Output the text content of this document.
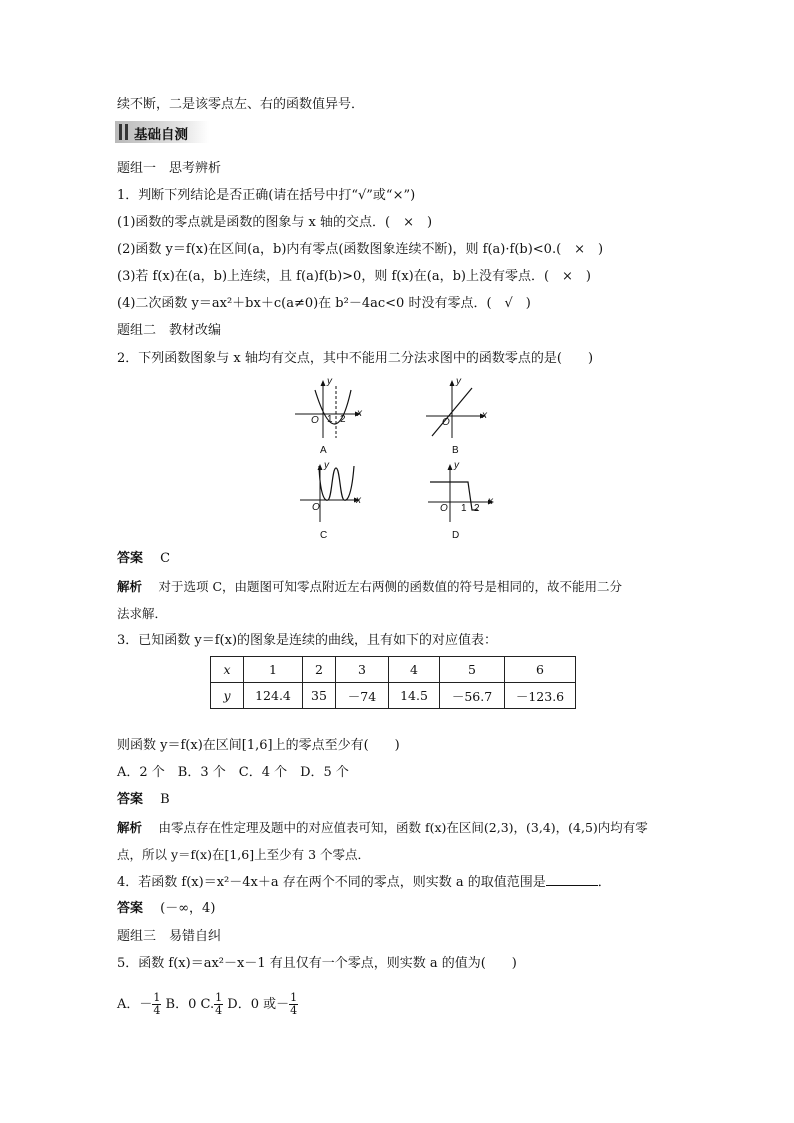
续不断，二是该零点左、右的函数值异号．
基础自测
题组一　思考辨析
1．判断下列结论是否正确(请在括号中打“√”或“×”)
(1)函数的零点就是函数的图象与 x 轴的交点．(　×　)
(2)函数 y＝f(x)在区间(a，b)内有零点(函数图象连续不断)，则 f(a)·f(b)<0.(　×　)
(3)若 f(x)在(a，b)上连续，且 f(a)f(b)>0，则 f(x)在(a，b)上没有零点．(　×　)
(4)二次函数 y＝ax²＋bx＋c(a≠0)在 b²－4ac<0 时没有零点．(　√　)
题组二　教材改编
2．下列函数图象与 x 轴均有交点，其中不能用二分法求图中的函数零点的是(　　)
y
x
O 1 2
A
y
x
O
B
y
x
O
C
y
x
O 1 2
D
答案　 C
解析　 对于选项 C，由题图可知零点附近左右两侧的函数值的符号是相同的，故不能用二分
法求解．
3．已知函数 y＝f(x)的图象是连续的曲线，且有如下的对应值表：
x	1	2	3	4	5	6
y	124.4	35	－74	14.5	－56.7	－123.6
则函数 y＝f(x)在区间[1,6]上的零点至少有(　　)
A．2 个　B．3 个　C．4 个　D．5 个
答案　 B
解析　 由零点存在性定理及题中的对应值表可知，函数 f(x)在区间(2,3)，(3,4)，(4,5)内均有零
点，所以 y＝f(x)在[1,6]上至少有 3 个零点．
4．若函数 f(x)＝x²－4x＋a 存在两个不同的零点，则实数 a 的取值范围是	．
答案　 (－∞，4)
题组三　易错自纠
5．函数 f(x)＝ax²－x－1 有且仅有一个零点，则实数 a 的值为(　　)
A．－ $\frac{1}{4}$ B．0 C. $\frac{1}{4}$ D．0 或－ $\frac{1}{4}$
